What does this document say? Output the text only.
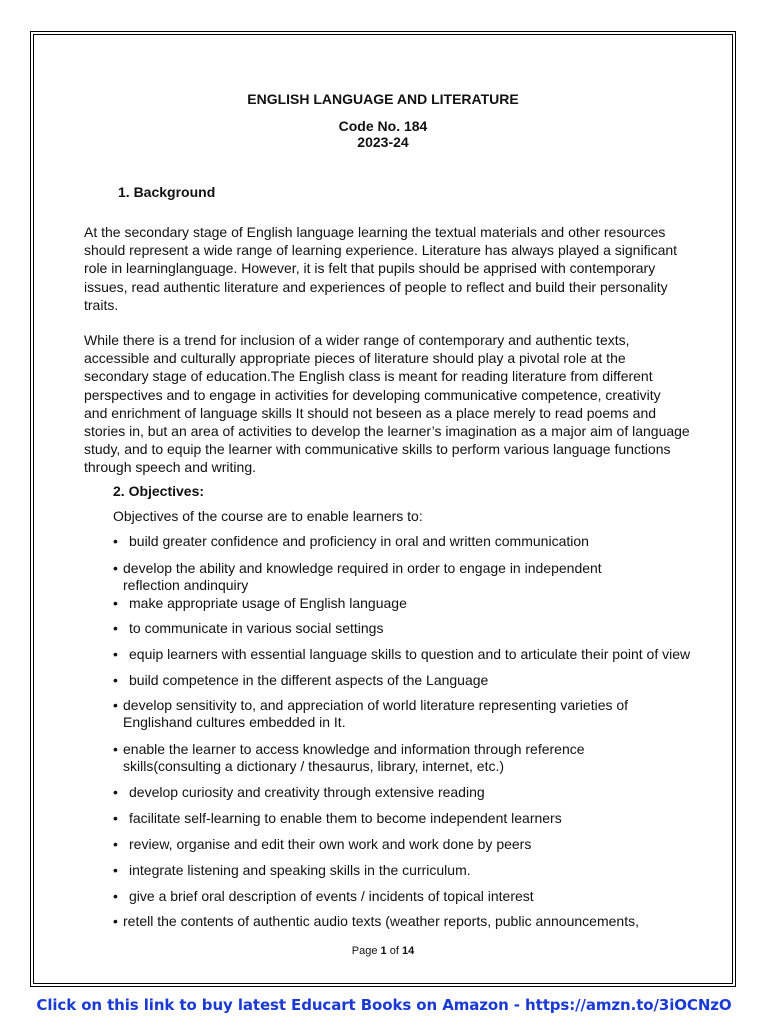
ENGLISH LANGUAGE AND LITERATURE
Code No. 184
2023-24
1. Background
At the secondary stage of English language learning the textual materials and other resources
should represent a wide range of learning experience. Literature has always played a significant
role in learninglanguage. However, it is felt that pupils should be apprised with contemporary
issues, read authentic literature and experiences of people to reflect and build their personality
traits.
While there is a trend for inclusion of a wider range of contemporary and authentic texts,
accessible and culturally appropriate pieces of literature should play a pivotal role at the
secondary stage of education.The English class is meant for reading literature from different
perspectives and to engage in activities for developing communicative competence, creativity
and enrichment of language skills It should not beseen as a place merely to read poems and
stories in, but an area of activities to develop the learner’s imagination as a major aim of language
study, and to equip the learner with communicative skills to perform various language functions
through speech and writing.
2. Objectives:
Objectives of the course are to enable learners to:
• build greater confidence and proficiency in oral and written communication
• develop the ability and knowledge required in order to engage in independent
reflection andinquiry
• make appropriate usage of English language
• to communicate in various social settings
• equip learners with essential language skills to question and to articulate their point of view
• build competence in the different aspects of the Language
• develop sensitivity to, and appreciation of world literature representing varieties of
Englishand cultures embedded in It.
• enable the learner to access knowledge and information through reference
skills(consulting a dictionary / thesaurus, library, internet, etc.)
• develop curiosity and creativity through extensive reading
• facilitate self-learning to enable them to become independent learners
• review, organise and edit their own work and work done by peers
• integrate listening and speaking skills in the curriculum.
• give a brief oral description of events / incidents of topical interest
• retell the contents of authentic audio texts (weather reports, public announcements,
Page 1 of 14
Click on this link to buy latest Educart Books on Amazon - https://amzn.to/3iOCNzO
